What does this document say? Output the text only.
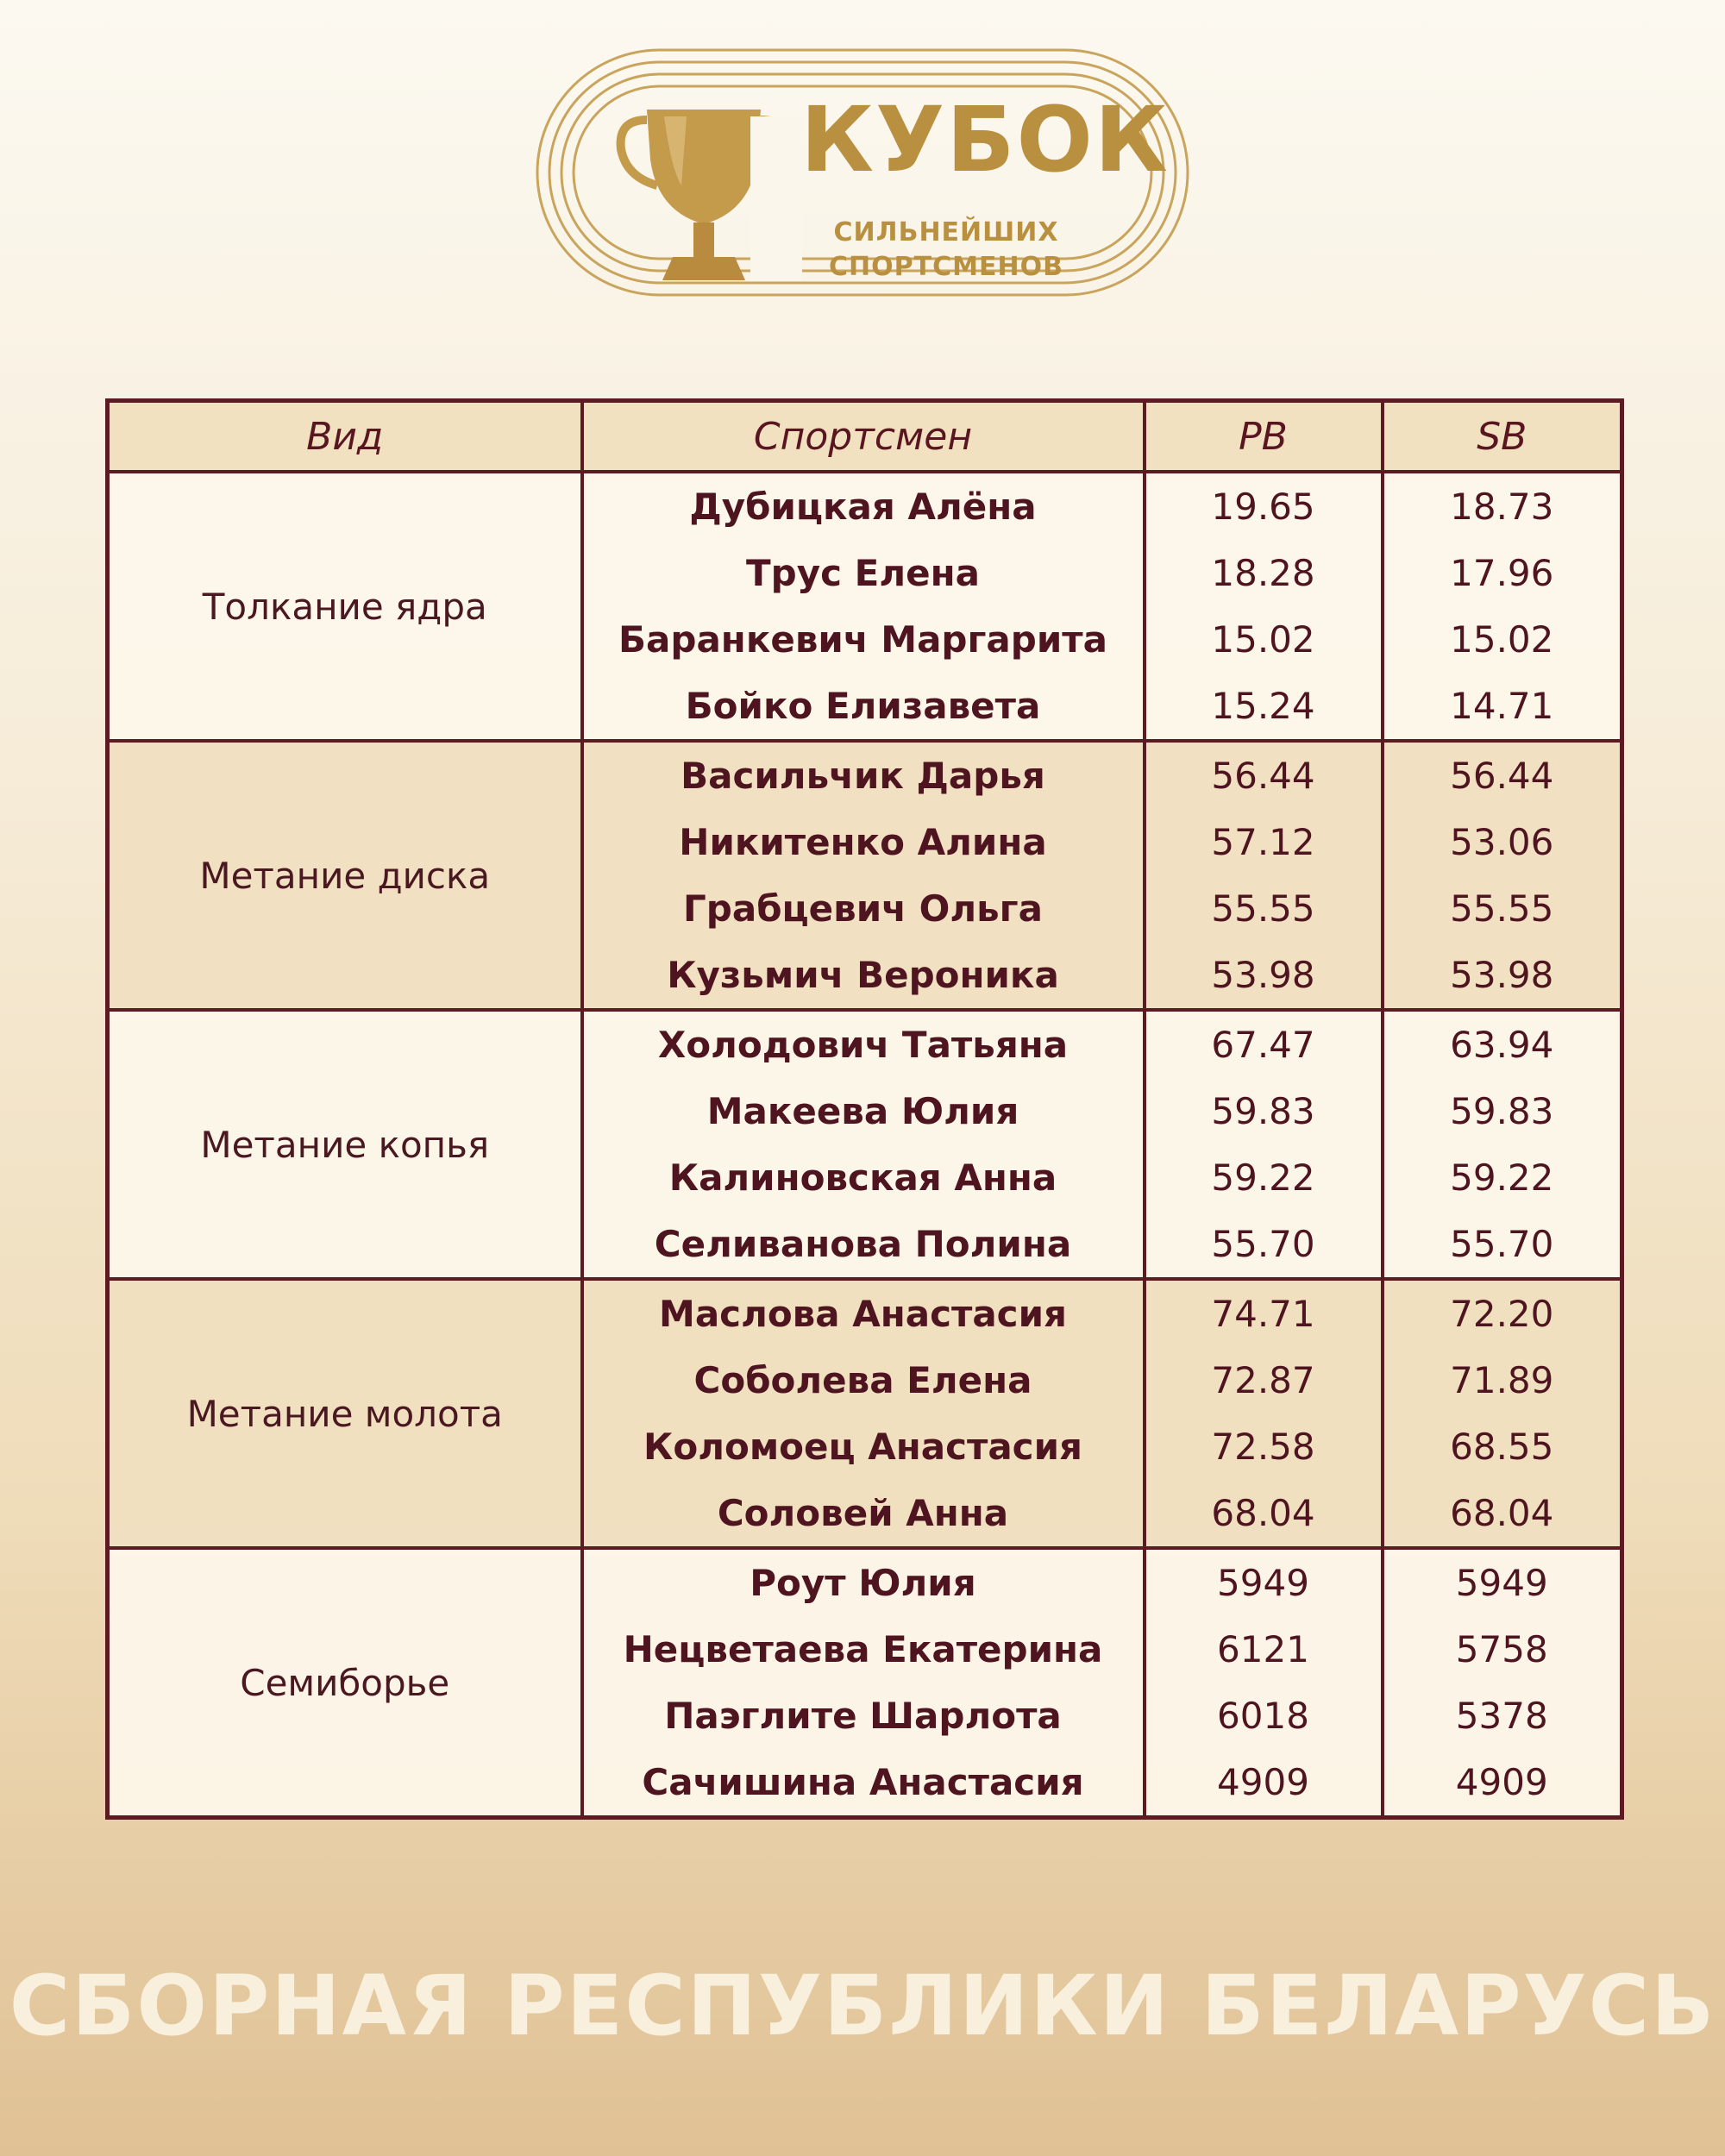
КУБОК
СИЛЬНЕЙШИХ
СПОРТСМЕНОВ
Вид	Спортсмен	PB	SB
Толкание ядра	Дубицкая Алёна	19.65	18.73
	Трус Елена	18.28	17.96
	Баранкевич Маргарита	15.02	15.02
	Бойко Елизавета	15.24	14.71
Метание диска	Васильчик Дарья	56.44	56.44
	Никитенко Алина	57.12	53.06
	Грабцевич Ольга	55.55	55.55
	Кузьмич Вероника	53.98	53.98
Метание копья	Холодович Татьяна	67.47	63.94
	Макеева Юлия	59.83	59.83
	Калиновская Анна	59.22	59.22
	Селиванова Полина	55.70	55.70
Метание молота	Маслова Анастасия	74.71	72.20
	Соболева Елена	72.87	71.89
	Коломоец Анастасия	72.58	68.55
	Соловей Анна	68.04	68.04
Семиборье	Роут Юлия	5949	5949
	Нецветаева Екатерина	6121	5758
	Паэглите Шарлота	6018	5378
	Сачишина Анастасия	4909	4909
СБОРНАЯ РЕСПУБЛИКИ БЕЛАРУСЬ
